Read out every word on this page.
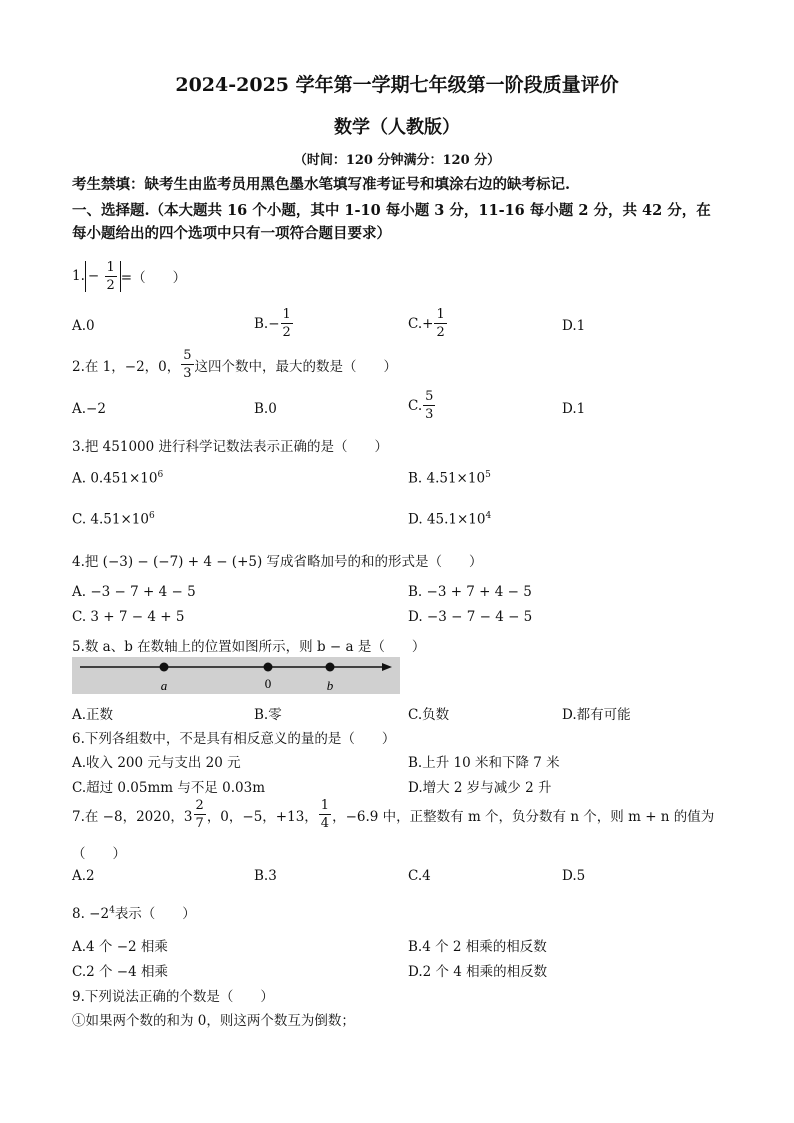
2024-2025 学年第一学期七年级第一阶段质量评价
数学（人教版）
（时间：120 分钟满分：120 分）
考生禁填：缺考生由监考员用黑色墨水笔填写准考证号和填涂右边的缺考标记.
一、选择题.（本大题共 16 个小题，其中 1-10 每小题 3 分，11-16 每小题 2 分，共 42 分，在
每小题给出的四个选项中只有一项符合题目要求）
1. − $\frac{1}{2}$ =（　　）
A.0	$B.- \frac{1}{2}$	$C.+ \frac{1}{2}$	D.1
2.在 1，−2，0， $\frac{5}{3}$ 这四个数中，最大的数是（　　）
A.−2	B.0	C. $\frac{5}{3}$	D.1
3.把 451000 进行科学记数法表示正确的是（　　）
A. $0.451\times 10^6$	B. $4.51\times 10^5$
C. $4.51\times 10^6$	D. $45.1\times 10^4$
4.把 (−3) − (−7) + 4 − (+5) 写成省略加号的和的形式是（　　）
A. −3 − 7 + 4 − 5	B. −3 + 7 + 4 − 5
C. 3 + 7 − 4 + 5	D. −3 − 7 − 4 − 5
5.数 a、b 在数轴上的位置如图所示，则 b − a 是（　　）
a	0	b
A.正数	B.零	C.负数	D.都有可能
6.下列各组数中，不是具有相反意义的量的是（　　）
A.收入 200 元与支出 20 元	B.上升 10 米和下降 7 米
C.超过 0.05mm 与不足 0.03m	D.增大 2 岁与减少 2 升
7.在 −8，2020，$3 \frac{2}{7}$ ，0，−5，+13， $\frac{1}{4}$ ，−6.9 中，正整数有 m 个，负分数有 n 个，则 m + n 的值为
（　　）
A.2	B.3	C.4	D.5
8. $-2^4$表示（　　）
A.4 个 −2 相乘	B.4 个 2 相乘的相反数
C.2 个 −4 相乘	D.2 个 4 相乘的相反数
9.下列说法正确的个数是（　　）
①如果两个数的和为 0，则这两个数互为倒数；
